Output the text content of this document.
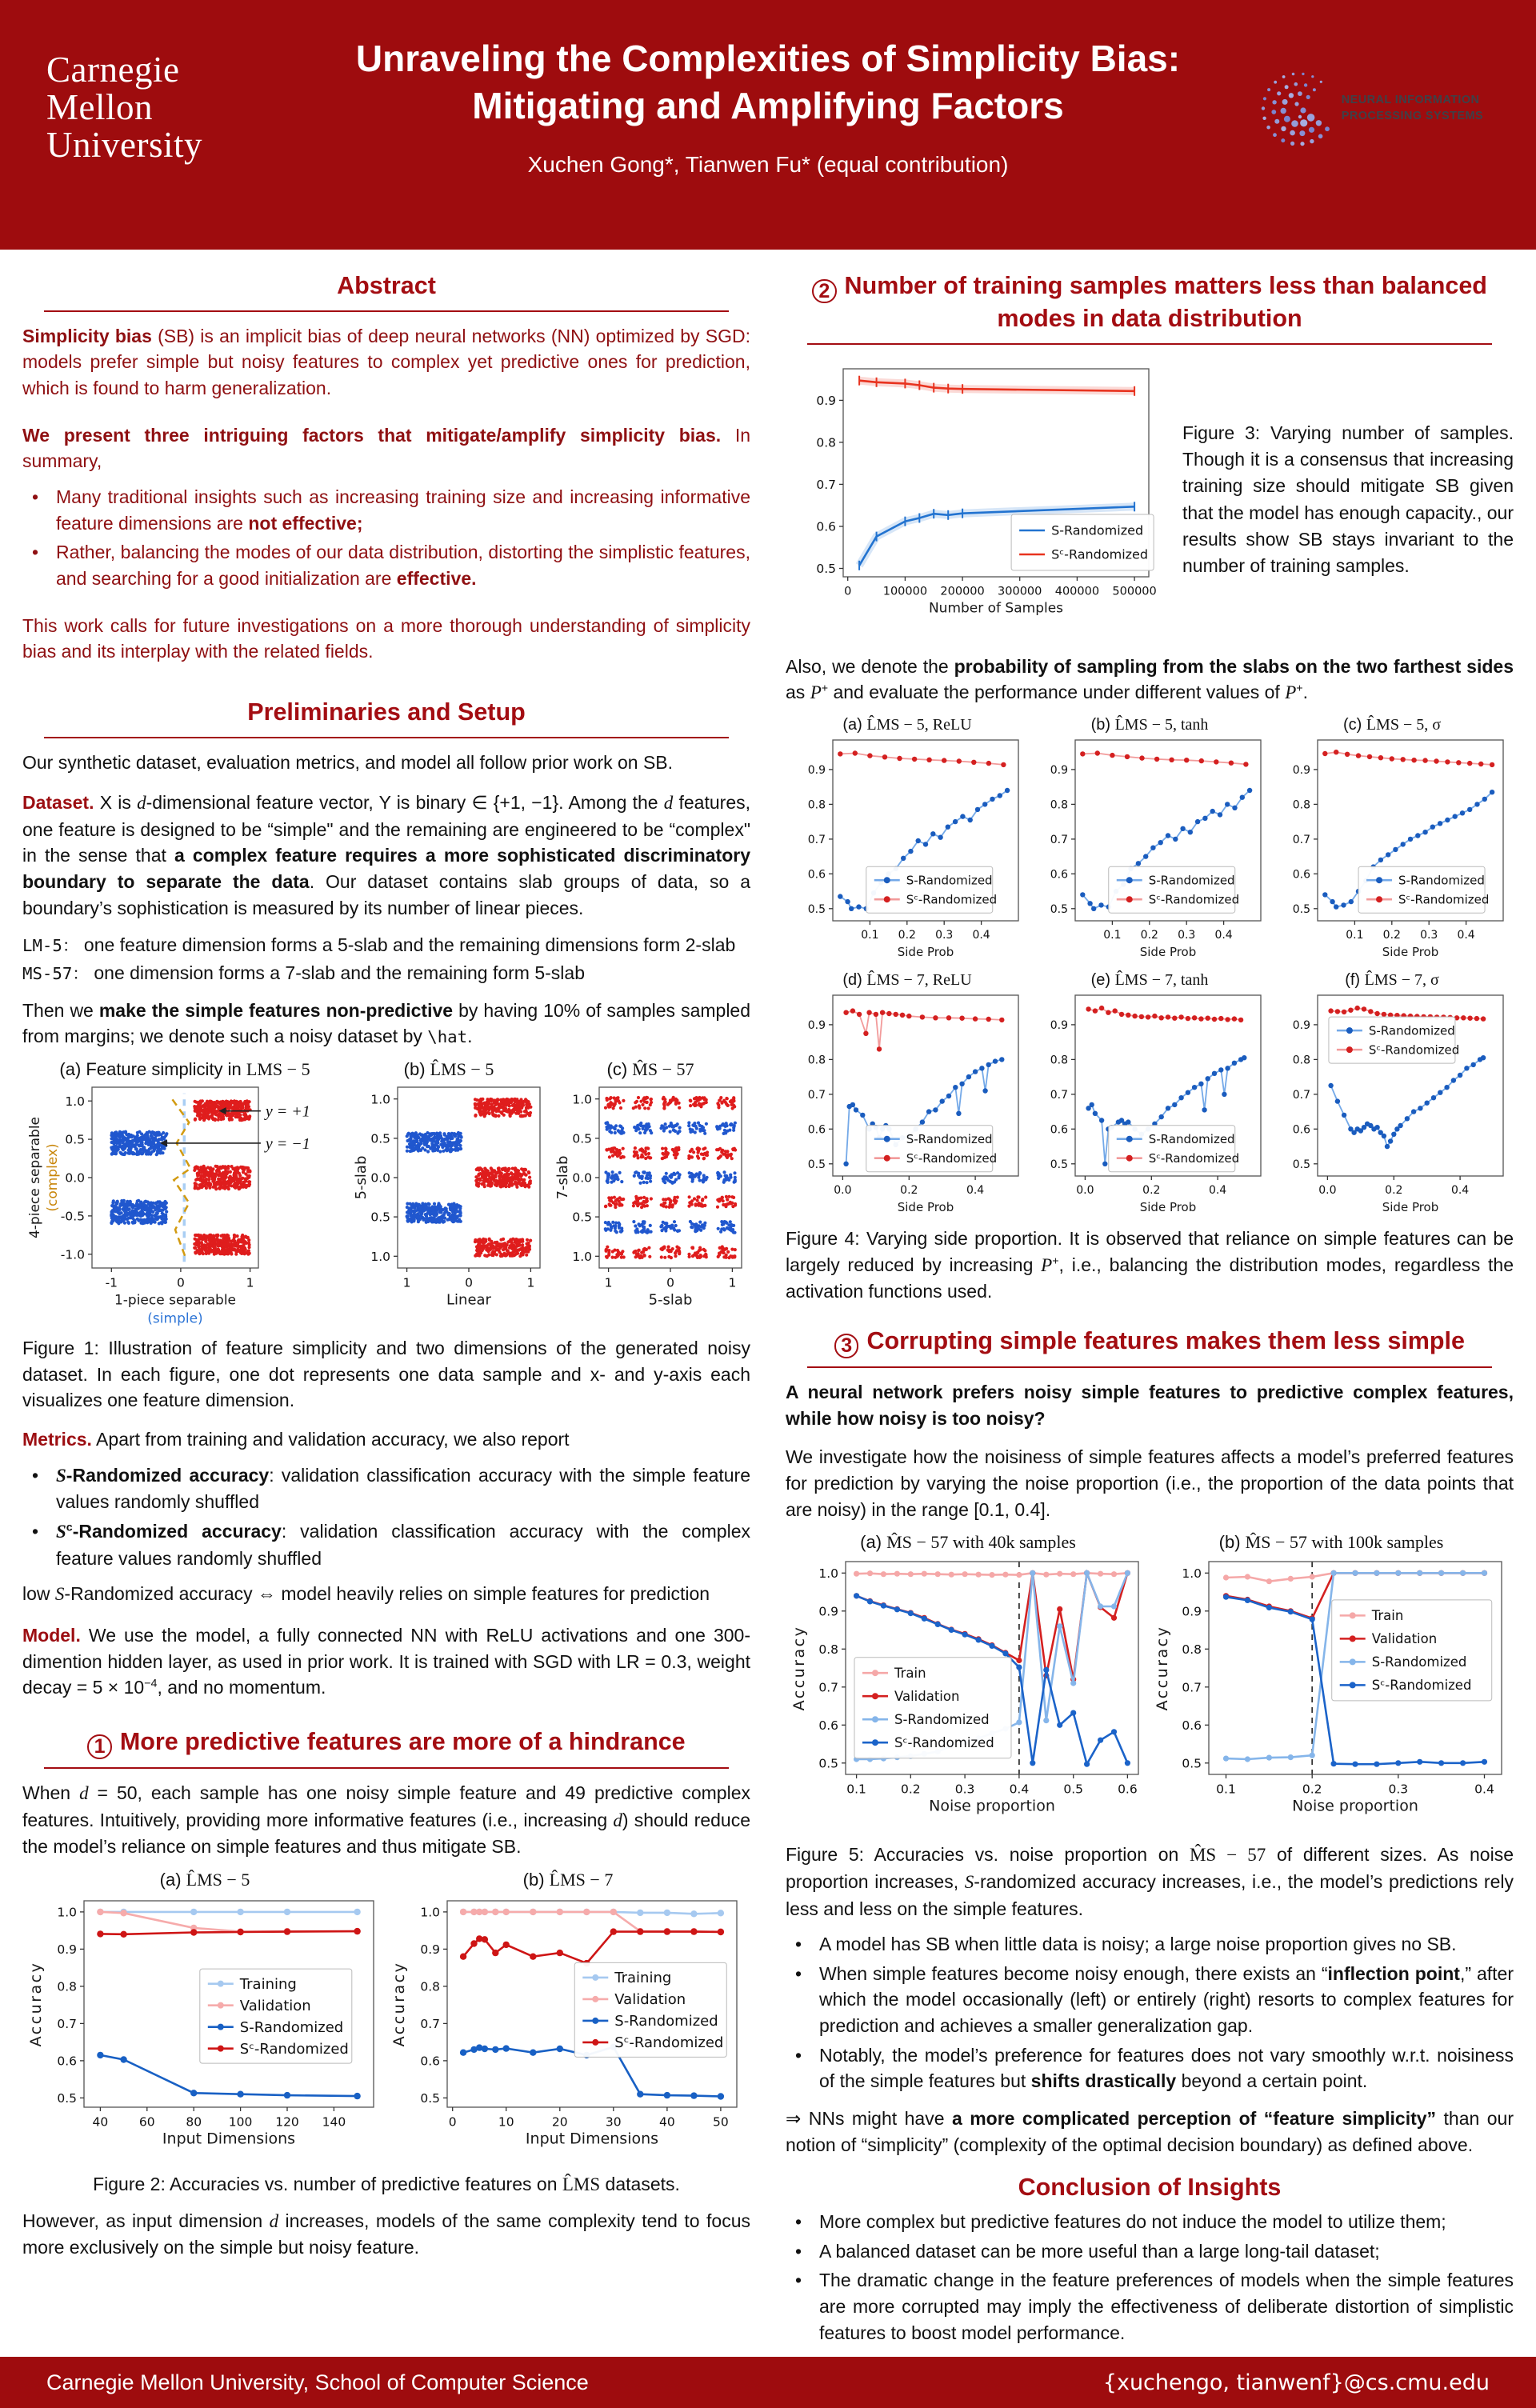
Carnegie
Mellon
University
Unraveling the Complexities of Simplicity Bias:
Mitigating and Amplifying Factors
Xuchen Gong*, Tianwen Fu* (equal contribution)
NEURAL INFORMATION
PROCESSING SYSTEMS
Abstract

Simplicity bias (SB) is an implicit bias of deep neural networks (NN) optimized by SGD: models prefer simple but noisy features to complex yet predictive ones for prediction, which is found to harm generalization.

We present three intriguing factors that mitigate/amplify simplicity bias. In summary,

• Many traditional insights such as increasing training size and increasing informative feature dimensions are not effective;
• Rather, balancing the modes of our data distribution, distorting the simplistic features, and searching for a good initialization are effective.

This work calls for future investigations on a more thorough understanding of simplicity bias and its interplay with the related fields.

Preliminaries and Setup

Our synthetic dataset, evaluation metrics, and model all follow prior work on SB.

Dataset. X is d-dimensional feature vector, Y is binary ∈ {+1, −1}. Among the d features, one feature is designed to be “simple" and the remaining are engineered to be “complex" in the sense that a complex feature requires a more sophisticated discriminatory boundary to separate the data. Our dataset contains slab groups of data, so a boundary’s sophistication is measured by its number of linear pieces.

LM-5： one feature dimension forms a 5-slab and the remaining dimensions form 2-slab

MS-57： one dimension forms a 7-slab and the remaining form 5-slab

Then we make the simple features non-predictive by having 10% of samples sampled from margins; we denote such a noisy dataset by \hat.

(a) Feature simplicity in LMS − 5
-1	0	1
1.0
0.5
0.0
-0.5
-1.0
1-piece separable
(simple)
4-piece separable (complex)
y = +1
y = −1
(b) L̂MS − 5
1	0	1
1.0
0.5
0.0
0.5
1.0
Linear
5-slab
(c) M̂S − 57
1	0	1
1.0
0.5
0.0
0.5
1.0
5-slab
7-slab

Figure 1: Illustration of feature simplicity and two dimensions of the generated noisy dataset. In each figure, one dot represents one data sample and x- and y-axis each visualizes one feature dimension.

Metrics. Apart from training and validation accuracy, we also report

• S-Randomized accuracy: validation classification accuracy with the simple feature values randomly shuffled
• $S^c$-Randomized accuracy: validation classification accuracy with the complex feature values randomly shuffled

low S-Randomized accuracy ⇔ model heavily relies on simple features for prediction

Model. We use the model, a fully connected NN with ReLU activations and one 300-dimention hidden layer, as used in prior work. It is trained with SGD with LR = 0.3, weight decay = $5 \times 10^{-4}$, and no momentum.

1 More predictive features are more of a hindrance

When d = 50, each sample has one noisy simple feature and 49 predictive complex features. Intuitively, providing more informative features (i.e., increasing d) should reduce the model’s reliance on simple features and thus mitigate SB.

(a) L̂MS − 5
40 60 80 100 120 140
0.5
0.6
0.7
0.8
0.9
1.0
Input Dimensions
Accuracy	Training
Validation
S-Randomized
Sᶜ-Randomized
(b) L̂MS − 7
0	10	20	30	40	50
0.5
0.6
0.7
0.8
0.9
1.0
Input Dimensions
Accuracy	Training
Validation
S-Randomized
Sᶜ-Randomized

Figure 2: Accuracies vs. number of predictive features on L̂MS datasets.

However, as input dimension d increases, models of the same complexity tend to focus more exclusively on the simple but noisy feature.

2 Number of training samples matters less than balanced modes in data distribution
0	100000 200000 300000 400000 500000
0.5
0.6
0.7
0.8
0.9
Number of Samples
S-Randomized
Sᶜ-Randomized
Figure 3: Varying number of samples. Though it is a consensus that increasing training size should mitigate SB given that the model has enough capacity., our results show SB stays invariant to the number of training samples.

Also, we denote the probability of sampling from the slabs on the two farthest sides as P+ and evaluate the performance under different values of P+.

(a) L̂MS − 5, ReLU
0.1 0.2 0.3 0.4
0.5
0.6
0.7
0.8
0.9
Side Prob
S-Randomized
Sᶜ-Randomized
(b) L̂MS − 5, tanh
0.1 0.2 0.3 0.4
0.5
0.6
0.7
0.8
0.9
Side Prob
S-Randomized
Sᶜ-Randomized
(c) L̂MS − 5, σ
0.1 0.2 0.3 0.4
0.5
0.6
0.7
0.8
0.9
Side Prob
S-Randomized
Sᶜ-Randomized
(d) L̂MS − 7, ReLU
0.0	0.2	0.4
0.5
0.6
0.7
0.8
0.9
Side Prob
S-Randomized
Sᶜ-Randomized
(e) L̂MS − 7, tanh
0.0	0.2	0.4
0.5
0.6
0.7
0.8
0.9
Side Prob
S-Randomized
Sᶜ-Randomized
(f) L̂MS − 7, σ
0.0	0.2	0.4
0.5
0.6
0.7
0.8
0.9
Side Prob
S-Randomized
Sᶜ-Randomized

Figure 4: Varying side proportion. It is observed that reliance on simple features can be largely reduced by increasing P+, i.e., balancing the distribution modes, regardless the activation functions used.

3 Corrupting simple features makes them less simple

A neural network prefers noisy simple features to predictive complex features, while how noisy is too noisy?

We investigate how the noisiness of simple features affects a model’s preferred features for prediction by varying the noise proportion (i.e., the proportion of the data points that are noisy) in the range [0.1, 0.4].

(a) M̂S − 57 with 40k samples
0.1	0.2	0.3	0.4	0.5	0.6
0.5
0.6
0.7
0.8
0.9
1.0
Noise proportion
Accuracy	Train
Validation
S-Randomized
Sᶜ-Randomized
(b) M̂S − 57 with 100k samples
0.1	0.2	0.3	0.4
0.5
0.6
0.7
0.8
0.9
1.0
Noise proportion
Accuracy
Train
Validation
S-Randomized
Sᶜ-Randomized

Figure 5: Accuracies vs. noise proportion on M̂S − 57 of different sizes. As noise proportion increases, S-randomized accuracy increases, i.e., the model’s predictions rely less and less on the simple features.

• A model has SB when little data is noisy; a large noise proportion gives no SB.
• When simple features become noisy enough, there exists an “inflection point,” after which the model occasionally (left) or entirely (right) resorts to complex features for prediction and achieves a smaller generalization gap.
• Notably, the model’s preference for features does not vary smoothly w.r.t. noisiness of the simple features but shifts drastically beyond a certain point.

⇒ NNs might have a more complicated perception of “feature simplicity” than our notion of “simplicity” (complexity of the optimal decision boundary) as defined above.

Conclusion of Insights
• More complex but predictive features do not induce the model to utilize them;
• A balanced dataset can be more useful than a large long-tail dataset;
• The dramatic change in the feature preferences of models when the simple features are more corrupted may imply the effectiveness of deliberate distortion of simplistic features to boost model performance.
Carnegie Mellon University, School of Computer Science	{xuchengo, tianwenf}@cs.cmu.edu
